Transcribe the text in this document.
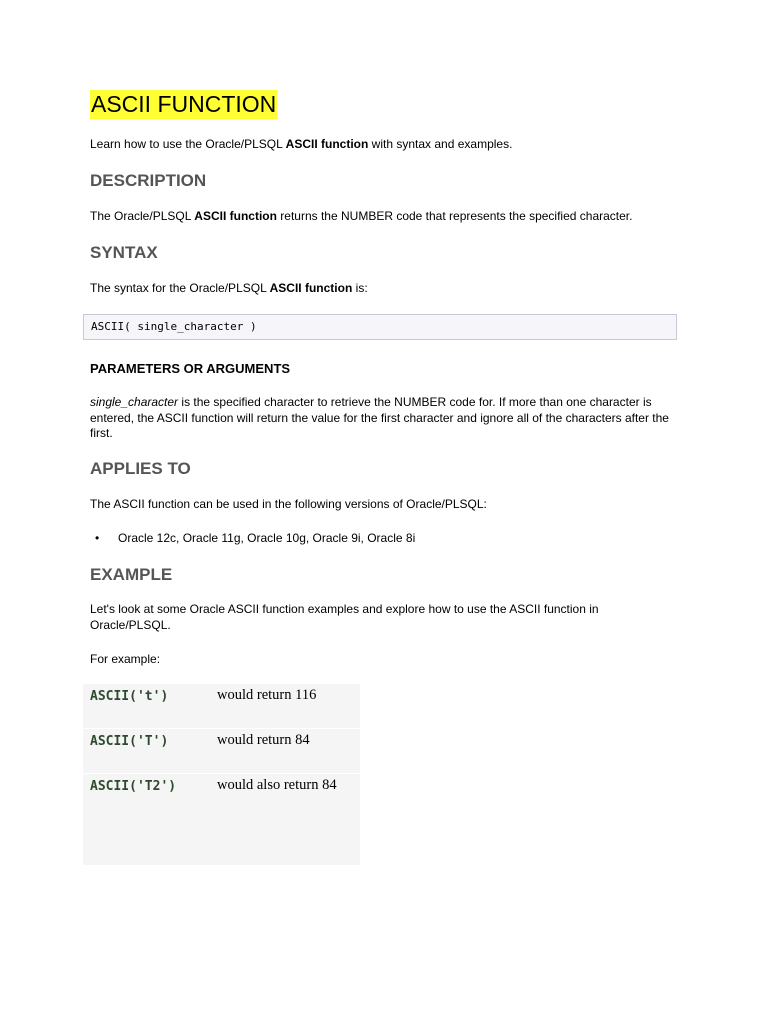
ASCII FUNCTION

Learn how to use the Oracle/PLSQL ASCII function with syntax and examples.

DESCRIPTION

The Oracle/PLSQL ASCII function returns the NUMBER code that represents the specified character.

SYNTAX

The syntax for the Oracle/PLSQL ASCII function is:

ASCII( single_character )
PARAMETERS OR ARGUMENTS

single_character is the specified character to retrieve the NUMBER code for. If more than one character is entered, the ASCII function will return the value for the first character and ignore all of the characters after the first.

APPLIES TO

The ASCII function can be used in the following versions of Oracle/PLSQL:

• Oracle 12c, Oracle 11g, Oracle 10g, Oracle 9i, Oracle 8i
EXAMPLE

Let's look at some Oracle ASCII function examples and explore how to use the ASCII function in Oracle/PLSQL.

For example:

ASCII('t')	would return 116
ASCII('T')	would return 84
ASCII('T2')	would also return 84
